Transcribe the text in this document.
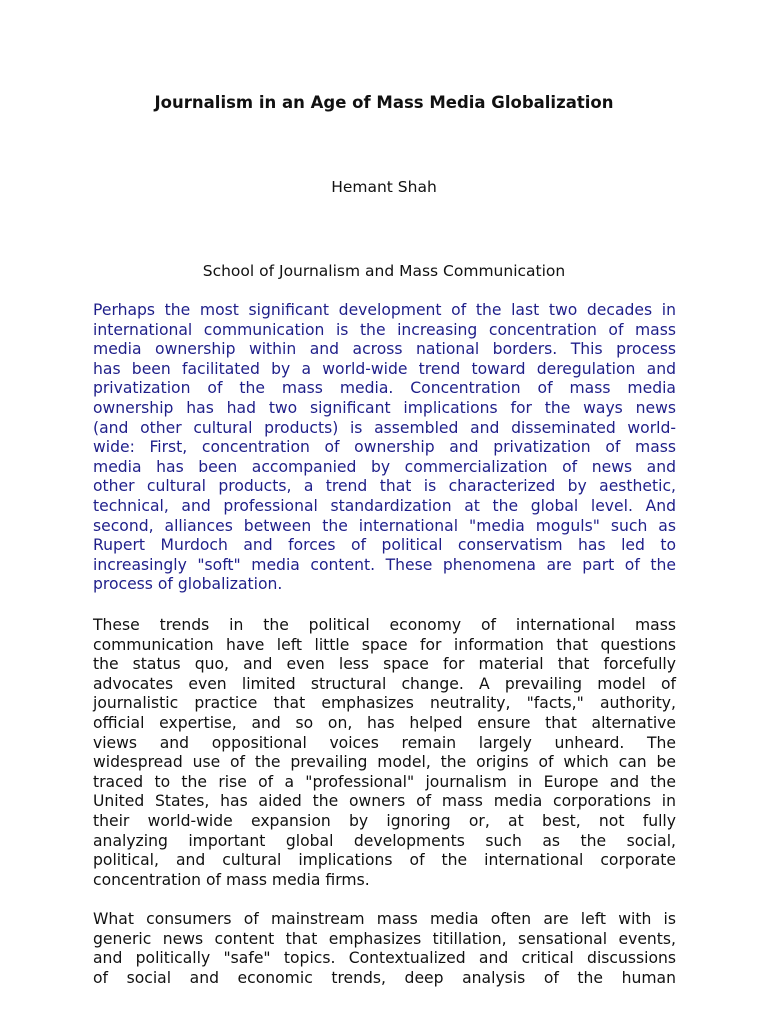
Journalism in an Age of Mass Media Globalization

Hemant Shah

School of Journalism and Mass Communication

Perhaps the most significant development of the last two decades in
international communication is the increasing concentration of mass
media ownership within and across national borders. This process
has been facilitated by a world-wide trend toward deregulation and
privatization of the mass media. Concentration of mass media
ownership has had two significant implications for the ways news
(and other cultural products) is assembled and disseminated world-
wide: First, concentration of ownership and privatization of mass
media has been accompanied by commercialization of news and
other cultural products, a trend that is characterized by aesthetic,
technical, and professional standardization at the global level. And
second, alliances between the international "media moguls" such as
Rupert Murdoch and forces of political conservatism has led to
increasingly "soft" media content. These phenomena are part of the
process of globalization.
These trends in the political economy of international mass
communication have left little space for information that questions
the status quo, and even less space for material that forcefully
advocates even limited structural change. A prevailing model of
journalistic practice that emphasizes neutrality, "facts," authority,
official expertise, and so on, has helped ensure that alternative
views and oppositional voices remain largely unheard. The
widespread use of the prevailing model, the origins of which can be
traced to the rise of a "professional" journalism in Europe and the
United States, has aided the owners of mass media corporations in
their world-wide expansion by ignoring or, at best, not fully
analyzing important global developments such as the social,
political, and cultural implications of the international corporate
concentration of mass media firms.
What consumers of mainstream mass media often are left with is
generic news content that emphasizes titillation, sensational events,
and politically "safe" topics. Contextualized and critical discussions
of social and economic trends, deep analysis of the human
